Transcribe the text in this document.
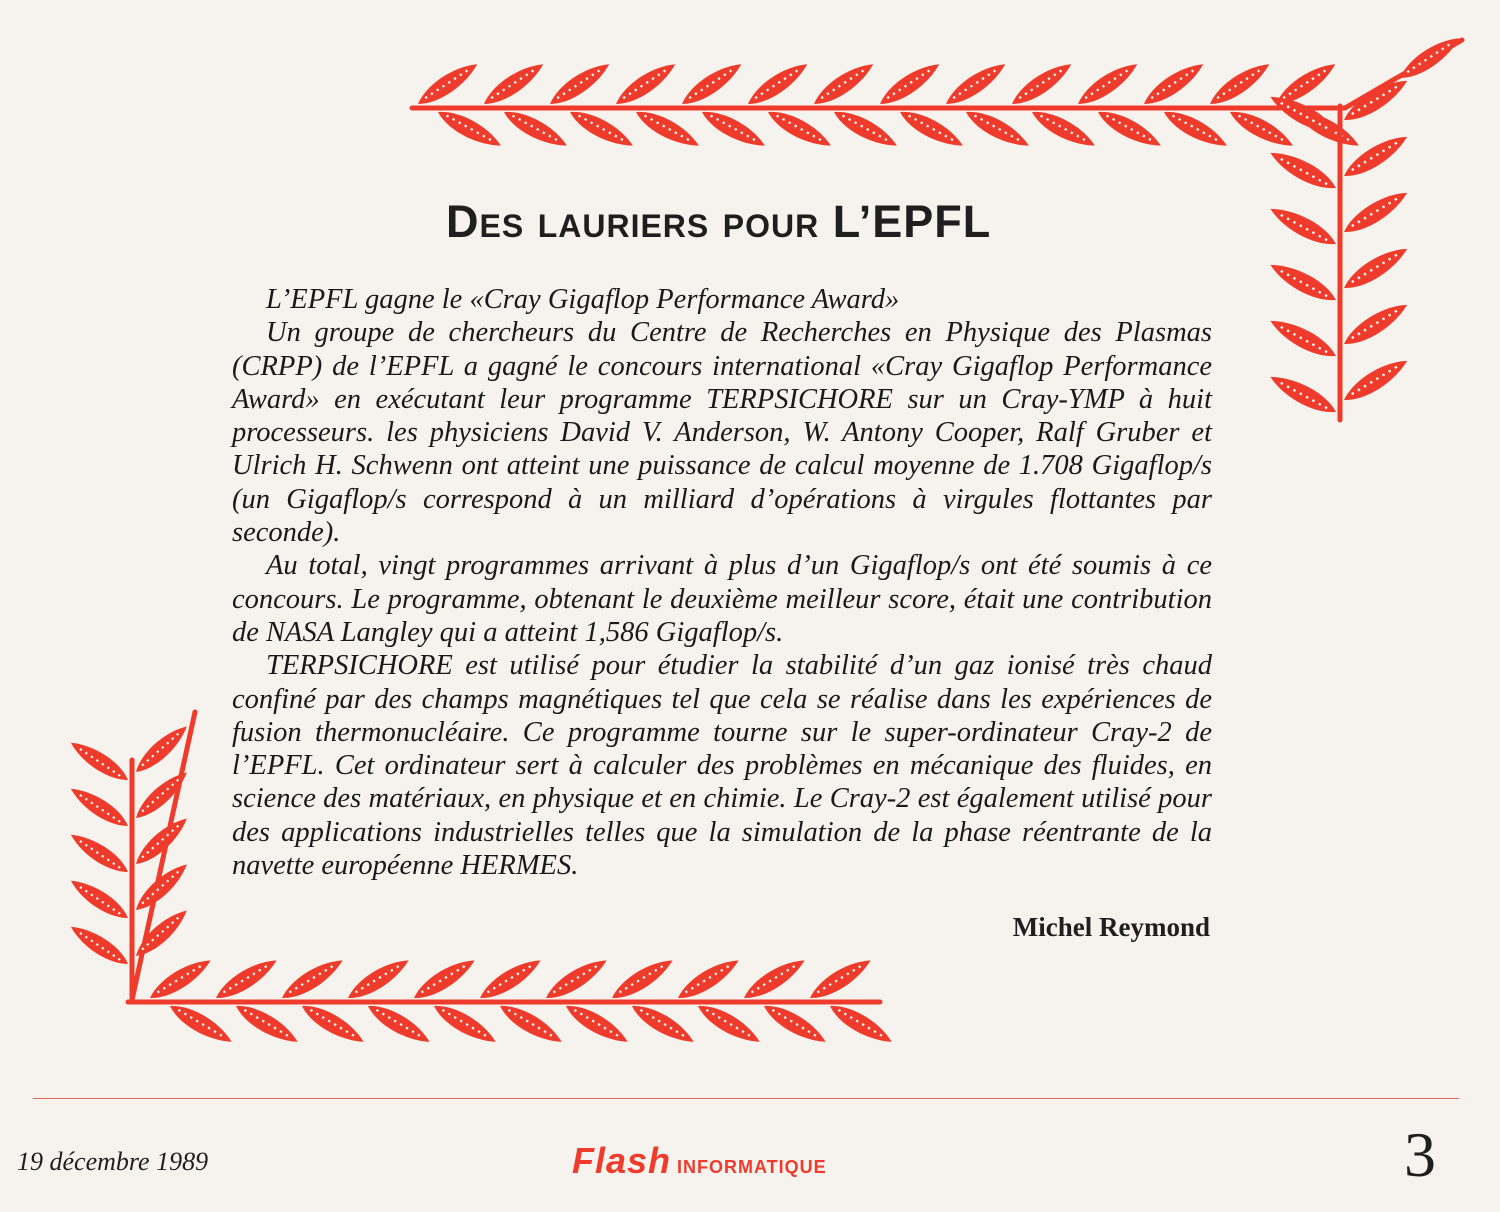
Des lauriers pour L’EPFL

L’EPFL gagne le «Cray Gigaflop Performance Award»

Un groupe de chercheurs du Centre de Recherches en Physique des Plasmas (CRPP) de l’EPFL a gagné le concours international «Cray Gigaflop Performance Award» en exécutant leur programme TERPSICHORE sur un Cray-YMP à huit processeurs. les physiciens David V. Anderson, W. Antony Cooper, Ralf Gruber et Ulrich H. Schwenn ont atteint une puissance de calcul moyenne de 1.708 Gigaflop/s (un Gigaflop/s correspond à un milliard d’opérations à virgules flottantes par seconde).

Au total, vingt programmes arrivant à plus d’un Gigaflop/s ont été soumis à ce concours. Le programme, obtenant le deuxième meilleur score, était une contribution de NASA Langley qui a atteint 1,586 Gigaflop/s.

TERPSICHORE est utilisé pour étudier la stabilité d’un gaz ionisé très chaud confiné par des champs magnétiques tel que cela se réalise dans les expériences de fusion thermonucléaire. Ce programme tourne sur le super-ordinateur Cray-2 de l’EPFL. Cet ordinateur sert à calculer des problèmes en mécanique des fluides, en science des matériaux, en physique et en chimie. Le Cray-2 est également utilisé pour des applications industrielles telles que la simulation de la phase réentrante de la navette européenne HERMES.

Michel Reymond
19 décembre 1989	Flash informatique	3
